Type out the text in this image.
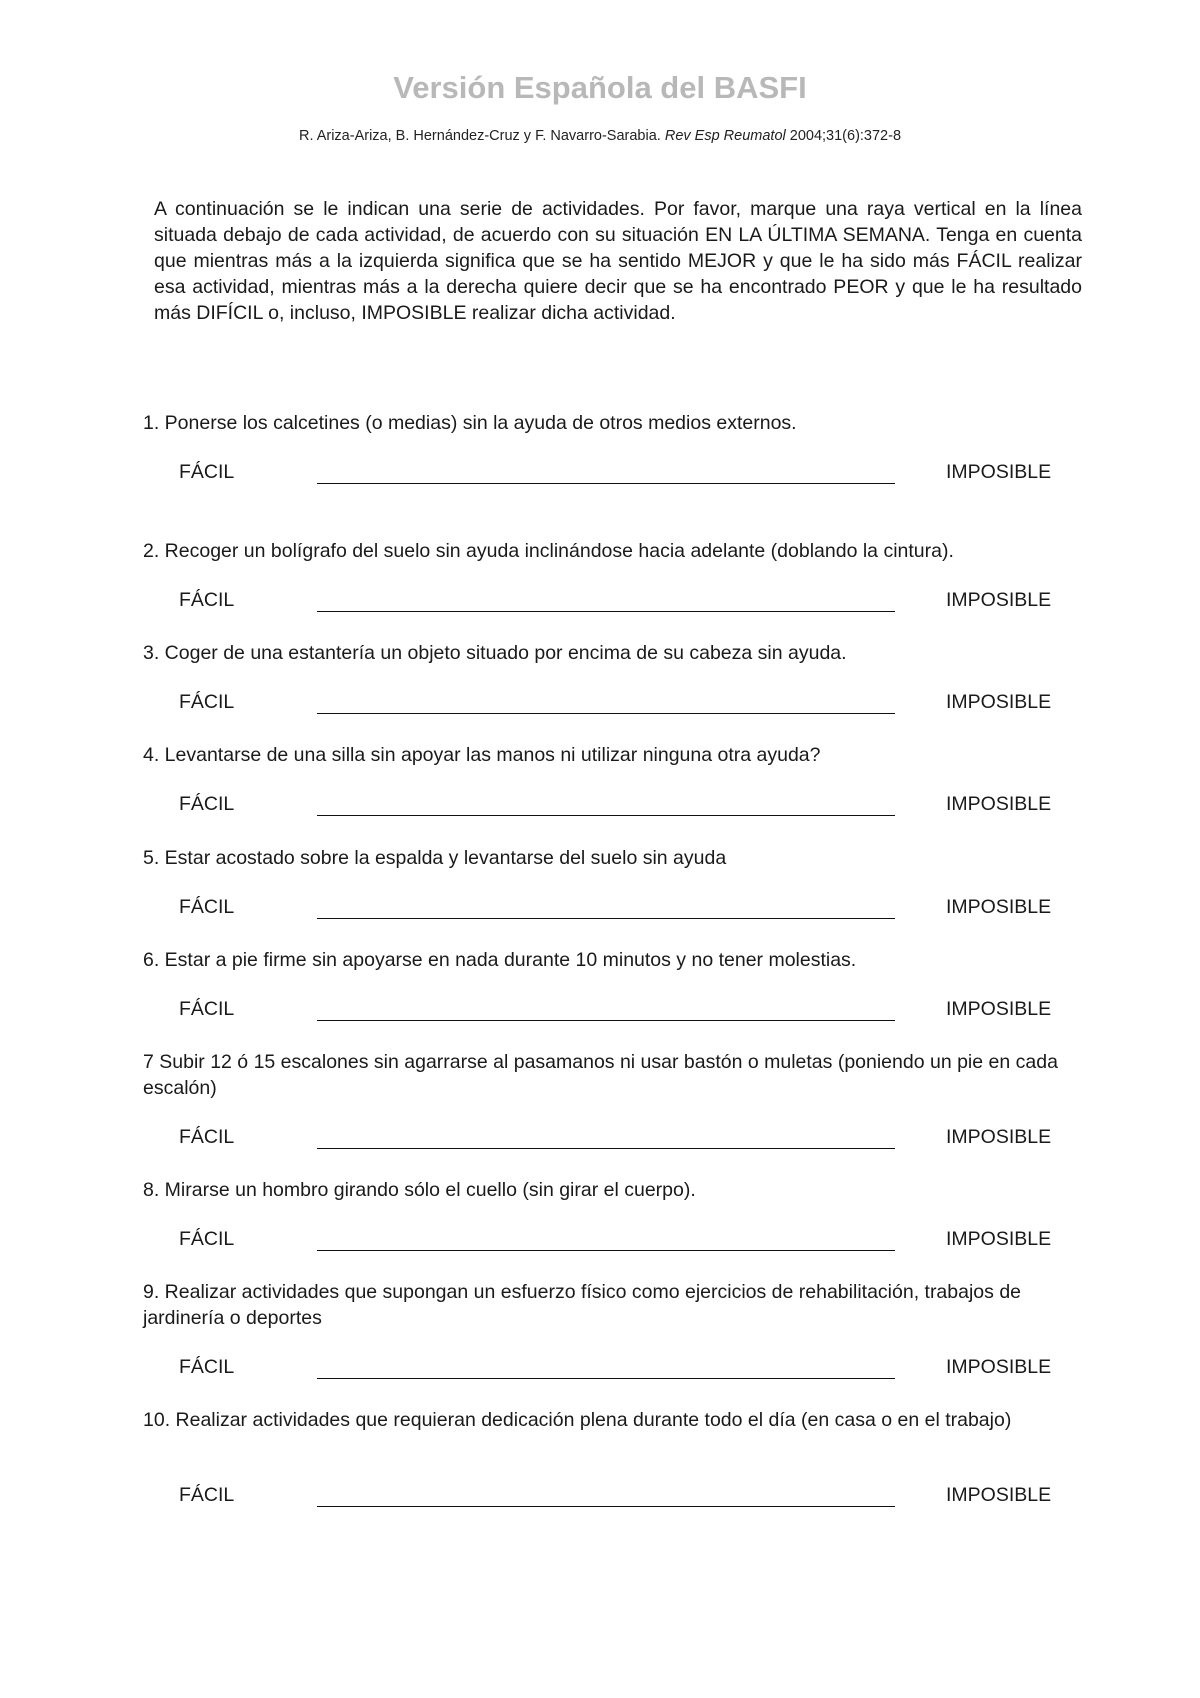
Versión Española del BASFI
R. Ariza-Ariza, B. Hernández-Cruz y F. Navarro-Sarabia. Rev Esp Reumatol 2004;31(6):372-8
A continuación se le indican una serie de actividades. Por favor, marque una raya vertical en la línea situada debajo de cada actividad, de acuerdo con su situación EN LA ÚLTIMA SEMANA. Tenga en cuenta que mientras más a la izquierda significa que se ha sentido MEJOR y que le ha sido más FÁCIL realizar esa actividad, mientras más a la derecha quiere decir que se ha encontrado PEOR y que le ha resultado más DIFÍCIL o, incluso, IMPOSIBLE realizar dicha actividad.
1. Ponerse los calcetines (o medias) sin la ayuda de otros medios externos.
FÁCIL	IMPOSIBLE
2. Recoger un bolígrafo del suelo sin ayuda inclinándose hacia adelante (doblando la cintura).
FÁCIL	IMPOSIBLE
3. Coger de una estantería un objeto situado por encima de su cabeza sin ayuda.
FÁCIL	IMPOSIBLE
4. Levantarse de una silla sin apoyar las manos ni utilizar ninguna otra ayuda?
FÁCIL	IMPOSIBLE
5. Estar acostado sobre la espalda y levantarse del suelo sin ayuda
FÁCIL	IMPOSIBLE
6. Estar a pie firme sin apoyarse en nada durante 10 minutos y no tener molestias.
FÁCIL	IMPOSIBLE
7 Subir 12 ó 15 escalones sin agarrarse al pasamanos ni usar bastón o muletas (poniendo un pie en cada escalón)
FÁCIL	IMPOSIBLE
8. Mirarse un hombro girando sólo el cuello (sin girar el cuerpo).
FÁCIL	IMPOSIBLE
9. Realizar actividades que supongan un esfuerzo físico como ejercicios de rehabilitación, trabajos de jardinería o deportes
FÁCIL	IMPOSIBLE
10. Realizar actividades que requieran dedicación plena durante todo el día (en casa o en el trabajo)
FÁCIL	IMPOSIBLE
